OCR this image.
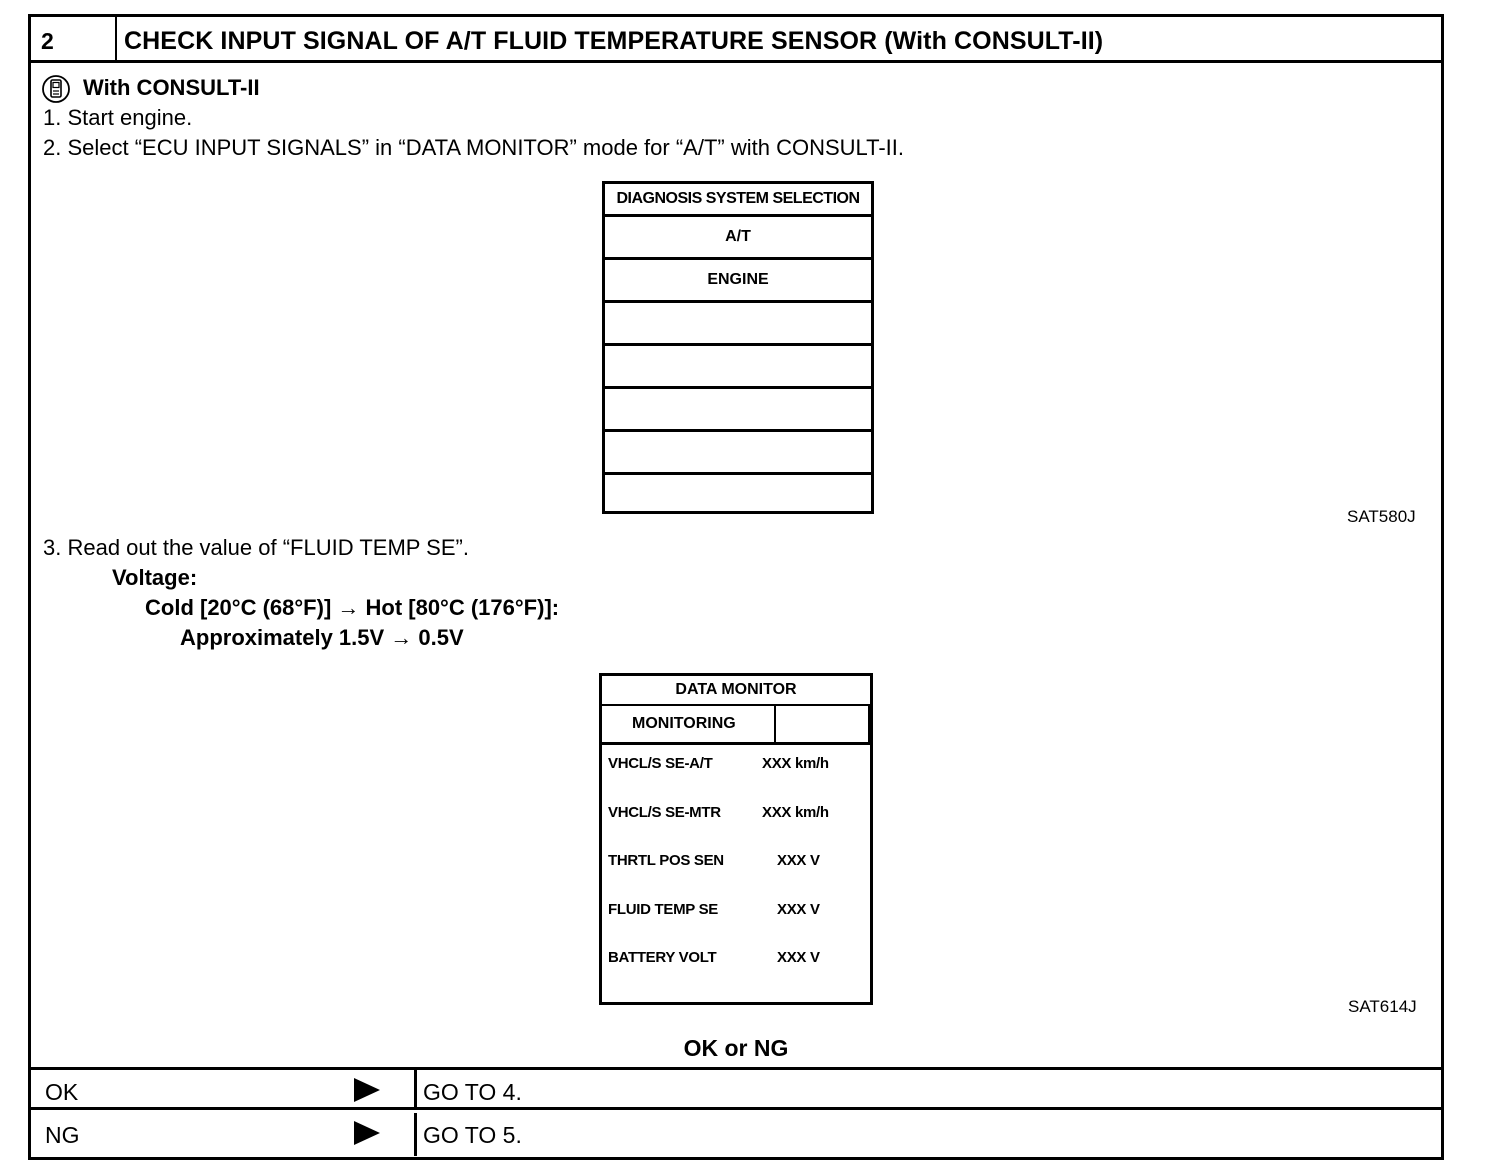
2	CHECK INPUT SIGNAL OF A/T FLUID TEMPERATURE SENSOR (With CONSULT-II)
With CONSULT-II
1. Start engine.
2. Select “ECU INPUT SIGNALS” in “DATA MONITOR” mode for “A/T” with CONSULT-II.
DIAGNOSIS SYSTEM SELECTION
A/T
ENGINE
SAT580J
3. Read out the value of “FLUID TEMP SE”.
Voltage:
Cold [20°C (68°F)] → Hot [80°C (176°F)]:
Approximately 1.5V → 0.5V
DATA MONITOR
MONITORING
VHCL/S SE-A/T	XXX km/h
VHCL/S SE-MTR	XXX km/h
THRTL POS SEN	XXX V
FLUID TEMP SE	XXX V
BATTERY VOLT	XXX V
SAT614J
OK or NG
OK	GO TO 4.
NG	GO TO 5.
